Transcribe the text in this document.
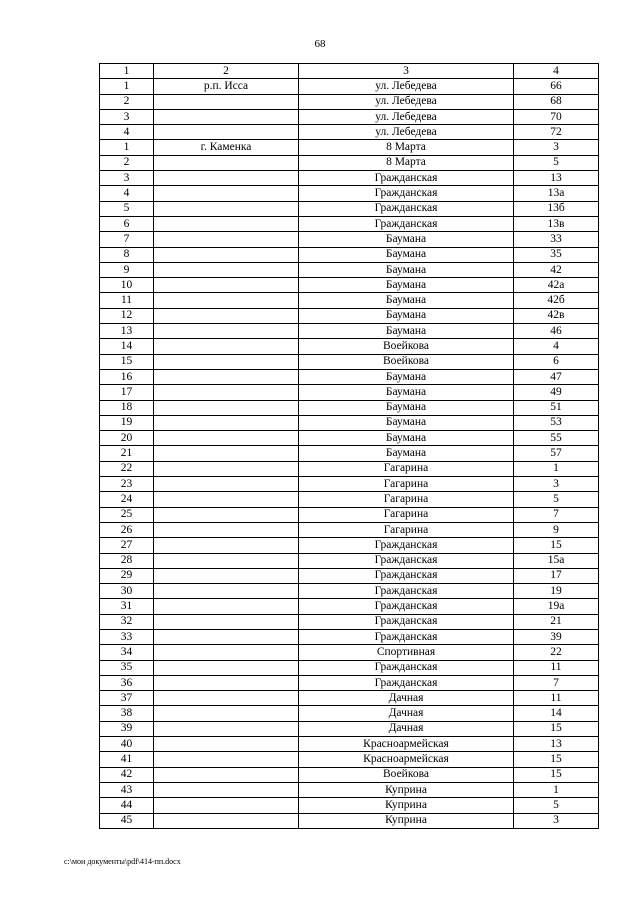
68
1	2	3	4
1	р.п. Исса	ул. Лебедева	66
2		ул. Лебедева	68
3		ул. Лебедева	70
4		ул. Лебедева	72
1	г. Каменка	8 Марта	3
2		8 Марта	5
3		Гражданская	13
4		Гражданская	13а
5		Гражданская	13б
6		Гражданская	13в
7		Баумана	33
8		Баумана	35
9		Баумана	42
10		Баумана	42а
11		Баумана	42б
12		Баумана	42в
13		Баумана	46
14		Воейкова	4
15		Воейкова	6
16		Баумана	47
17		Баумана	49
18		Баумана	51
19		Баумана	53
20		Баумана	55
21		Баумана	57
22		Гагарина	1
23		Гагарина	3
24		Гагарина	5
25		Гагарина	7
26		Гагарина	9
27		Гражданская	15
28		Гражданская	15а
29		Гражданская	17
30		Гражданская	19
31		Гражданская	19а
32		Гражданская	21
33		Гражданская	39
34		Спортивная	22
35		Гражданская	11
36		Гражданская	7
37		Дачная	11
38		Дачная	14
39		Дачная	15
40		Красноармейская	13
41		Красноармейская	15
42		Воейкова	15
43		Куприна	1
44		Куприна	5
45		Куприна	3
c:\мои документы\pdf\414-пп.docx
